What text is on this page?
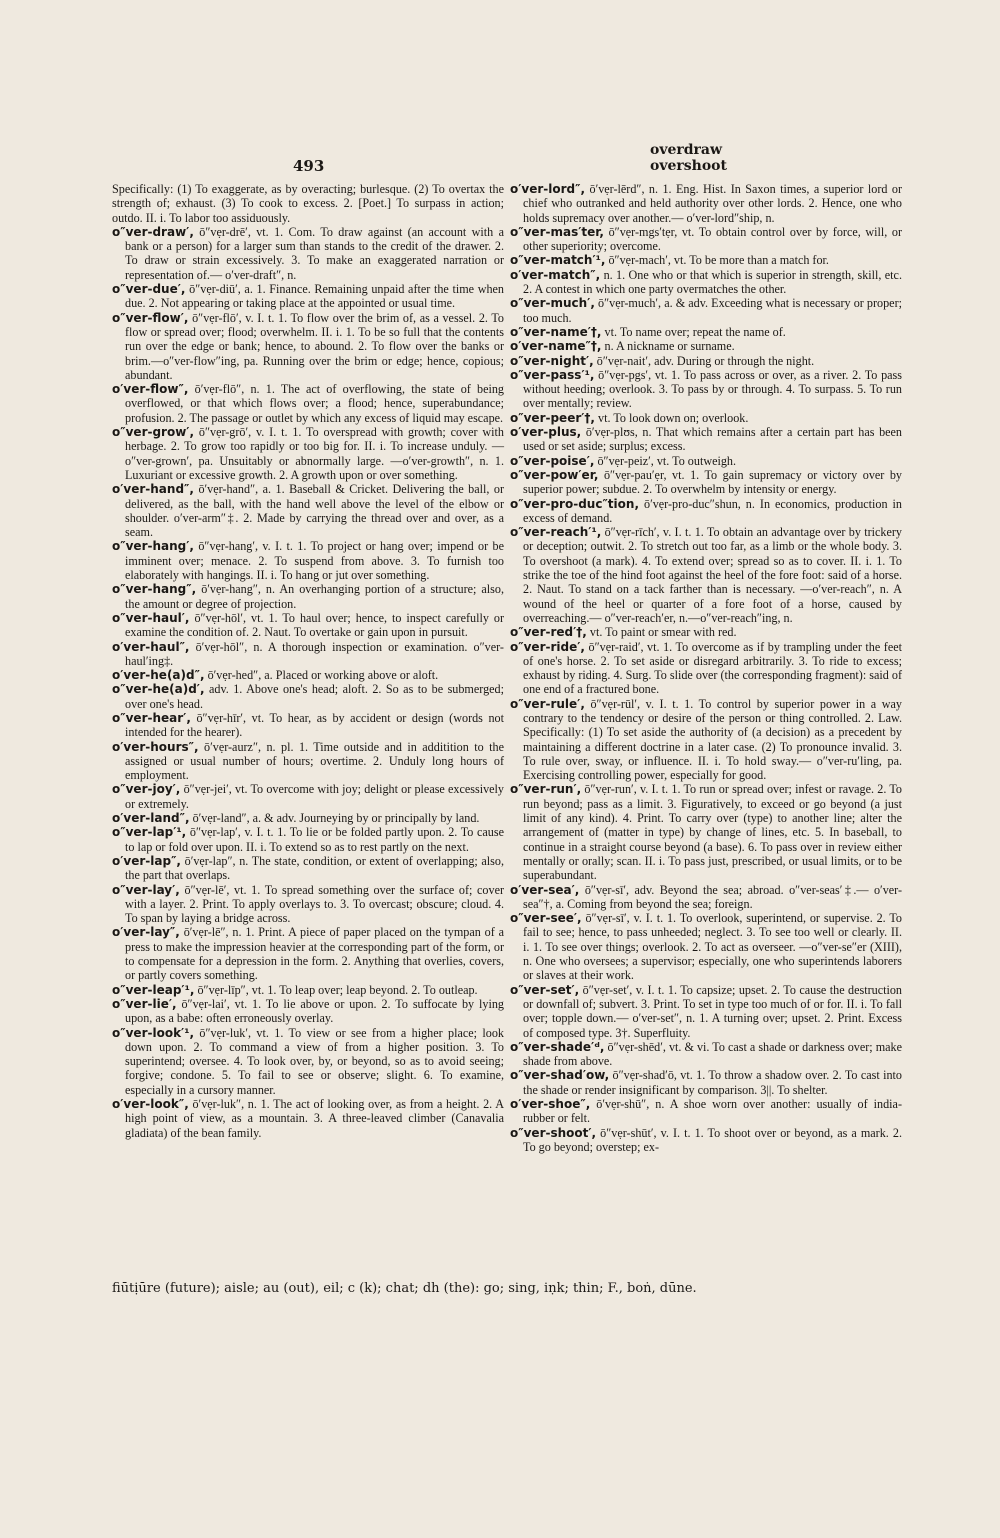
493
overdraw
overshoot

Specifically: (1) To exaggerate, as by overacting; burlesque. (2) To overtax the strength of; exhaust. (3) To cook to excess. 2. [Poet.] To surpass in action; outdo. II. i. To labor too assiduously.

o″ver-draw′, ō″vẹr-drē′, vt. 1. Com. To draw against (an account with a bank or a person) for a larger sum than stands to the credit of the drawer. 2. To draw or strain excessively. 3. To make an exaggerated narration or representation of.— o′ver-draft″, n.

o″ver-due′, ō″vẹr-diū′, a. 1. Finance. Remaining unpaid after the time when due. 2. Not appearing or taking place at the appointed or usual time.

o″ver-flow′, ō″vẹr-flō′, v. I. t. 1. To flow over the brim of, as a vessel. 2. To flow or spread over; flood; overwhelm. II. i. 1. To be so full that the contents run over the edge or bank; hence, to abound. 2. To flow over the banks or brim.—o″ver-flow″ing, pa. Running over the brim or edge; hence, copious; abundant.

o′ver-flow″, ō′vẹr-flō″, n. 1. The act of overflowing, the state of being overflowed, or that which flows over; a flood; hence, superabundance; profusion. 2. The passage or outlet by which any excess of liquid may escape.

o″ver-grow′, ō″vẹr-grō′, v. I. t. 1. To overspread with growth; cover with herbage. 2. To grow too rapidly or too big for. II. i. To increase unduly. —o″ver-grown′, pa. Unsuitably or abnormally large. —o′ver-growth″, n. 1. Luxuriant or excessive growth. 2. A growth upon or over something.

o′ver-hand″, ō′vẹr-hand″, a. 1. Baseball & Cricket. Delivering the ball, or delivered, as the ball, with the hand well above the level of the elbow or shoulder. o′ver-arm″‡. 2. Made by carrying the thread over and over, as a seam.

o″ver-hang′, ō″vẹr-hang′, v. I. t. 1. To project or hang over; impend or be imminent over; menace. 2. To suspend from above. 3. To furnish too elaborately with hangings. II. i. To hang or jut over something.

o″ver-hang″, ō′vẹr-hang″, n. An overhanging portion of a structure; also, the amount or degree of projection.

o″ver-haul′, ō″vẹr-hōl′, vt. 1. To haul over; hence, to inspect carefully or examine the condition of. 2. Naut. To overtake or gain upon in pursuit.

o′ver-haul″, ō′vẹr-hōl″, n. A thorough inspection or examination. o″ver-haul′ing‡.

o′ver-he(a)d″, ō′vẹr-hed″, a. Placed or working above or aloft.

o″ver-he(a)d′, adv. 1. Above one's head; aloft. 2. So as to be submerged; over one's head.

o″ver-hear′, ō″vẹr-hīr′, vt. To hear, as by accident or design (words not intended for the hearer).

o′ver-hours″, ō′vẹr-aurz″, n. pl. 1. Time outside and in additition to the assigned or usual number of hours; overtime. 2. Unduly long hours of employment.

o″ver-joy′, ō″vẹr-jei′, vt. To overcome with joy; delight or please excessively or extremely.

o′ver-land″, ō′vẹr-land″, a. & adv. Journeying by or principally by land.

o″ver-lap′¹, ō″vẹr-lap′, v. I. t. 1. To lie or be folded partly upon. 2. To cause to lap or fold over upon. II. i. To extend so as to rest partly on the next.

o′ver-lap″, ō′vẹr-lap″, n. The state, condition, or extent of overlapping; also, the part that overlaps.

o″ver-lay′, ō″vẹr-lē′, vt. 1. To spread something over the surface of; cover with a layer. 2. Print. To apply overlays to. 3. To overcast; obscure; cloud. 4. To span by laying a bridge across.

o′ver-lay″, ō′vẹr-lē″, n. 1. Print. A piece of paper placed on the tympan of a press to make the impression heavier at the corresponding part of the form, or to compensate for a depression in the form. 2. Anything that overlies, covers, or partly covers something.

o″ver-leap′¹, ō″vẹr-līp″, vt. 1. To leap over; leap beyond. 2. To outleap.

o″ver-lie′, ō″vẹr-lai′, vt. 1. To lie above or upon. 2. To suffocate by lying upon, as a babe: often erroneously overlay.

o″ver-look′¹, ō″vẹr-luk′, vt. 1. To view or see from a higher place; look down upon. 2. To command a view of from a higher position. 3. To superintend; oversee. 4. To look over, by, or beyond, so as to avoid seeing; forgive; condone. 5. To fail to see or observe; slight. 6. To examine, especially in a cursory manner.

o′ver-look″, ō′vẹr-luk″, n. 1. The act of looking over, as from a height. 2. A high point of view, as a mountain. 3. A three-leaved climber (Canavalia gladiata) of the bean family.

o′ver-lord″, ō′vẹr-lērd″, n. 1. Eng. Hist. In Saxon times, a superior lord or chief who outranked and held authority over other lords. 2. Hence, one who holds supremacy over another.— o′ver-lord″ship, n.

o″ver-mas′ter, ō″vẹr-mgs′tẹr, vt. To obtain control over by force, will, or other superiority; overcome.

o″ver-match′¹, ō″vẹr-mach′, vt. To be more than a match for.

o′ver-match″, n. 1. One who or that which is superior in strength, skill, etc. 2. A contest in which one party overmatches the other.

o″ver-much′, ō″vẹr-much′, a. & adv. Exceeding what is necessary or proper; too much.

o″ver-name′†, vt. To name over; repeat the name of.

o′ver-name″†, n. A nickname or surname.

o″ver-night′, ō″vẹr-nait′, adv. During or through the night.

o″ver-pass′¹, ō″vẹr-pgs′, vt. 1. To pass across or over, as a river. 2. To pass without heeding; overlook. 3. To pass by or through. 4. To surpass. 5. To run over mentally; review.

o″ver-peer′†, vt. To look down on; overlook.

o′ver-plus, ō′vẹr-plʊs, n. That which remains after a certain part has been used or set aside; surplus; excess.

o″ver-poise′, ō″vẹr-peiz′, vt. To outweigh.

o″ver-pow′er, ō″vẹr-pau′ẹr, vt. 1. To gain supremacy or victory over by superior power; subdue. 2. To overwhelm by intensity or energy.

o″ver-pro-duc″tion, ō′vẹr-pro-duc″shun, n. In economics, production in excess of demand.

o″ver-reach′¹, ō″vẹr-rīch′, v. I. t. 1. To obtain an advantage over by trickery or deception; outwit. 2. To stretch out too far, as a limb or the whole body. 3. To overshoot (a mark). 4. To extend over; spread so as to cover. II. i. 1. To strike the toe of the hind foot against the heel of the fore foot: said of a horse. 2. Naut. To stand on a tack farther than is necessary. —o′ver-reach″, n. A wound of the heel or quarter of a fore foot of a horse, caused by overreaching.— o″ver-reach′er, n.—o″ver-reach″ing, n.

o″ver-red′†, vt. To paint or smear with red.

o″ver-ride′, ō″vẹr-raid′, vt. 1. To overcome as if by trampling under the feet of one's horse. 2. To set aside or disregard arbitrarily. 3. To ride to excess; exhaust by riding. 4. Surg. To slide over (the corresponding fragment): said of one end of a fractured bone.

o″ver-rule′, ō″vẹr-rūl′, v. I. t. 1. To control by superior power in a way contrary to the tendency or desire of the person or thing controlled. 2. Law. Specifically: (1) To set aside the authority of (a decision) as a precedent by maintaining a different doctrine in a later case. (2) To pronounce invalid. 3. To rule over, sway, or influence. II. i. To hold sway.— o″ver-ru′ling, pa. Exercising controlling power, especially for good.

o″ver-run′, ō″vẹr-run′, v. I. t. 1. To run or spread over; infest or ravage. 2. To run beyond; pass as a limit. 3. Figuratively, to exceed or go beyond (a just limit of any kind). 4. Print. To carry over (type) to another line; alter the arrangement of (matter in type) by change of lines, etc. 5. In baseball, to continue in a straight course beyond (a base). 6. To pass over in review either mentally or orally; scan. II. i. To pass just, prescribed, or usual limits, or to be superabundant.

o′ver-sea′, ō″vẹr-sī′, adv. Beyond the sea; abroad. o″ver-seas′‡.— o′ver-sea″†, a. Coming from beyond the sea; foreign.

o″ver-see′, ō″vẹr-sī′, v. I. t. 1. To overlook, superintend, or supervise. 2. To fail to see; hence, to pass unheeded; neglect. 3. To see too well or clearly. II. i. 1. To see over things; overlook. 2. To act as overseer. —o″ver-se″er (XIII), n. One who oversees; a supervisor; especially, one who superintends laborers or slaves at their work.

o″ver-set′, ō″vẹr-set′, v. I. t. 1. To capsize; upset. 2. To cause the destruction or downfall of; subvert. 3. Print. To set in type too much of or for. II. i. To fall over; topple down.— o′ver-set″, n. 1. A turning over; upset. 2. Print. Excess of composed type. 3†. Superfluity.

o″ver-shade′ᵈ, ō″vẹr-shēd′, vt. & vi. To cast a shade or darkness over; make shade from above.

o″ver-shad′ow, ō″vẹr-shad′ō, vt. 1. To throw a shadow over. 2. To cast into the shade or render insignificant by comparison. 3||. To shelter.

o′ver-shoe″, ō′vẹr-shū″, n. A shoe worn over another: usually of india-rubber or felt.

o″ver-shoot′, ō″vẹr-shūt′, v. I. t. 1. To shoot over or beyond, as a mark. 2. To go beyond; overstep; ex-

fiūtịūre (future); aisle; au (out), eil; c (k); chat; dh (the): go; sing, iṇk; thin; F., boṅ, dūne.
